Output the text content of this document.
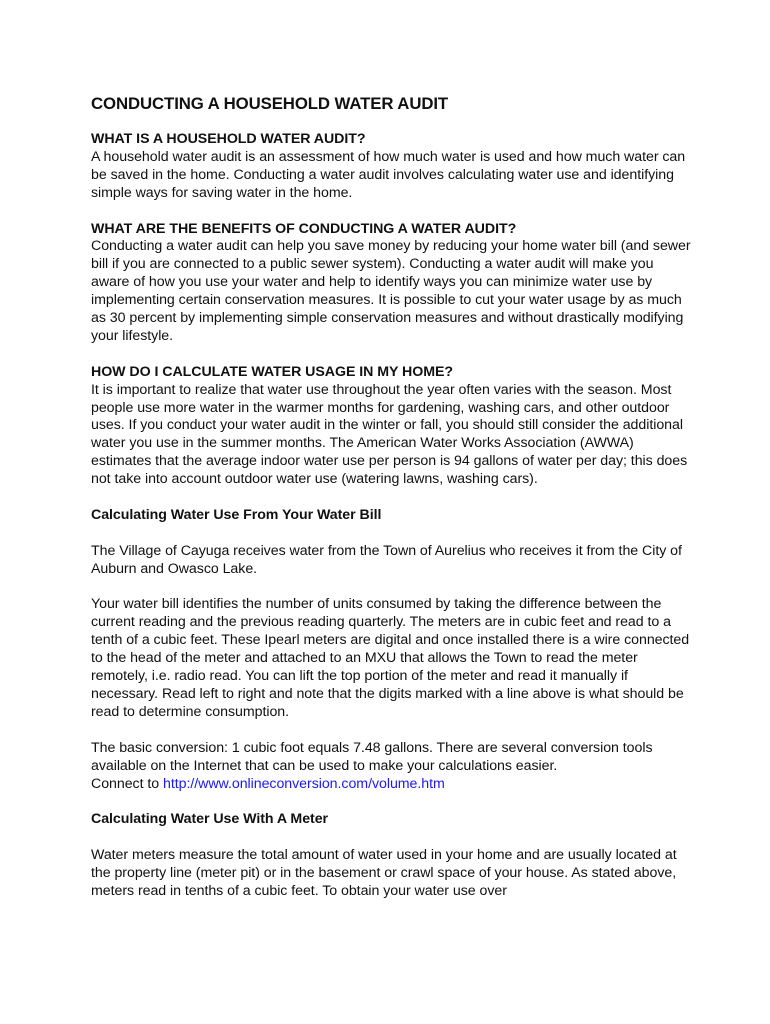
CONDUCTING A HOUSEHOLD WATER AUDIT

WHAT IS A HOUSEHOLD WATER AUDIT?

A household water audit is an assessment of how much water is used and how much water can be saved in the home. Conducting a water audit involves calculating water use and identifying simple ways for saving water in the home.

WHAT ARE THE BENEFITS OF CONDUCTING A WATER AUDIT?

Conducting a water audit can help you save money by reducing your home water bill (and sewer bill if you are connected to a public sewer system). Conducting a water audit will make you aware of how you use your water and help to identify ways you can minimize water use by implementing certain conservation measures. It is possible to cut your water usage by as much as 30 percent by implementing simple conservation measures and without drastically modifying your lifestyle.

HOW DO I CALCULATE WATER USAGE IN MY HOME?

It is important to realize that water use throughout the year often varies with the season. Most people use more water in the warmer months for gardening, washing cars, and other outdoor uses. If you conduct your water audit in the winter or fall, you should still consider the additional water you use in the summer months. The American Water Works Association (AWWA) estimates that the average indoor water use per person is 94 gallons of water per day; this does not take into account outdoor water use (watering lawns, washing cars).

Calculating Water Use From Your Water Bill

The Village of Cayuga receives water from the Town of Aurelius who receives it from the City of Auburn and Owasco Lake.

Your water bill identifies the number of units consumed by taking the difference between the current reading and the previous reading quarterly. The meters are in cubic feet and read to a tenth of a cubic feet. These Ipearl meters are digital and once installed there is a wire connected to the head of the meter and attached to an MXU that allows the Town to read the meter remotely, i.e. radio read. You can lift the top portion of the meter and read it manually if necessary. Read left to right and note that the digits marked with a line above is what should be read to determine consumption.

The basic conversion: 1 cubic foot equals 7.48 gallons. There are several conversion tools available on the Internet that can be used to make your calculations easier.

Connect to http://www.onlineconversion.com/volume.htm

Calculating Water Use With A Meter

Water meters measure the total amount of water used in your home and are usually located at the property line (meter pit) or in the basement or crawl space of your house. As stated above, meters read in tenths of a cubic feet. To obtain your water use over
